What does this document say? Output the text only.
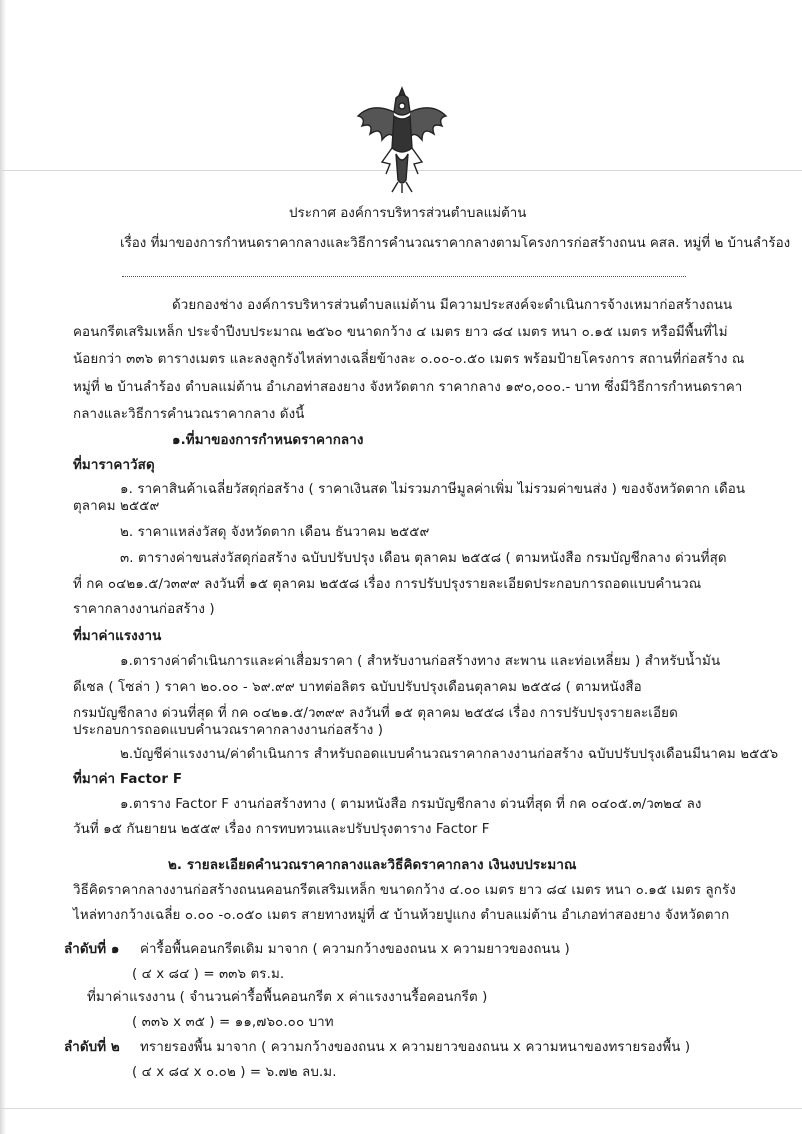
ประกาศ องค์การบริหารส่วนตำบลแม่ต้าน
เรื่อง ที่มาของการกำหนดราคากลางและวิธีการคำนวณราคากลางตามโครงการก่อสร้างถนน คสล. หมู่ที่ ๒ บ้านลำร้อง
ด้วยกองช่าง องค์การบริหารส่วนตำบลแม่ต้าน มีความประสงค์จะดำเนินการจ้างเหมาก่อสร้างถนน
คอนกรีตเสริมเหล็ก ประจำปีงบประมาณ ๒๕๖๐ ขนาดกว้าง ๔ เมตร ยาว ๘๔ เมตร หนา ๐.๑๕ เมตร หรือมีพื้นที่ไม่
น้อยกว่า ๓๓๖ ตารางเมตร และลงลูกรังไหล่ทางเฉลี่ยข้างละ ๐.๐๐-๐.๕๐ เมตร พร้อมป้ายโครงการ สถานที่ก่อสร้าง ณ
หมู่ที่ ๒ บ้านลำร้อง ตำบลแม่ต้าน อำเภอท่าสองยาง จังหวัดตาก ราคากลาง ๑๙๐,๐๐๐.- บาท ซึ่งมีวิธีการกำหนดราคา
กลางและวิธีการคำนวณราคากลาง ดังนี้
๑.ที่มาของการกำหนดราคากลาง
ที่มาราคาวัสดุ
๑. ราคาสินค้าเฉลี่ยวัสดุก่อสร้าง ( ราคาเงินสด ไม่รวมภาษีมูลค่าเพิ่ม ไม่รวมค่าขนส่ง ) ของจังหวัดตาก เดือน
ตุลาคม ๒๕๕๙
๒. ราคาแหล่งวัสดุ จังหวัดตาก เดือน ธันวาคม ๒๕๕๙
๓. ตารางค่าขนส่งวัสดุก่อสร้าง ฉบับปรับปรุง เดือน ตุลาคม ๒๕๕๘ ( ตามหนังสือ กรมบัญชีกลาง ด่วนที่สุด
ที่ กค ๐๔๒๑.๕/ว๓๙๙ ลงวันที่ ๑๕ ตุลาคม ๒๕๕๘ เรื่อง การปรับปรุงรายละเอียดประกอบการถอดแบบคำนวณ
ราคากลางงานก่อสร้าง )
ที่มาค่าแรงงาน
๑.ตารางค่าดำเนินการและค่าเสื่อมราคา ( สำหรับงานก่อสร้างทาง สะพาน และท่อเหลี่ยม ) สำหรับน้ำมัน
ดีเซล ( โซล่า ) ราคา ๒๐.๐๐ - ๖๙.๙๙ บาทต่อลิตร ฉบับปรับปรุงเดือนตุลาคม ๒๕๕๘ ( ตามหนังสือ
กรมบัญชีกลาง ด่วนที่สุด ที่ กค ๐๔๒๑.๕/ว๓๙๙ ลงวันที่ ๑๕ ตุลาคม ๒๕๕๘ เรื่อง การปรับปรุงรายละเอียด
ประกอบการถอดแบบคำนวณราคากลางงานก่อสร้าง )
๒.บัญชีค่าแรงงาน/ค่าดำเนินการ สำหรับถอดแบบคำนวณราคากลางงานก่อสร้าง ฉบับปรับปรุงเดือนมีนาคม ๒๕๕๖
ที่มาค่า Factor F
๑.ตาราง Factor F งานก่อสร้างทาง ( ตามหนังสือ กรมบัญชีกลาง ด่วนที่สุด ที่ กค ๐๔๐๕.๓/ว๓๒๔ ลง
วันที่ ๑๕ กันยายน ๒๕๕๙ เรื่อง การทบทวนและปรับปรุงตาราง Factor F
๒. รายละเอียดคำนวณราคากลางและวิธีคิดราคากลาง เงินงบประมาณ
วิธีคิดราคากลางงานก่อสร้างถนนคอนกรีตเสริมเหล็ก ขนาดกว้าง ๔.๐๐ เมตร ยาว ๘๔ เมตร หนา ๐.๑๕ เมตร ลูกรัง
ไหล่ทางกว้างเฉลี่ย ๐.๐๐ -๐.๐๕๐ เมตร สายทางหมู่ที่ ๕ บ้านห้วยปูแกง ตำบลแม่ต้าน อำเภอท่าสองยาง จังหวัดตาก
ลำดับที่ ๑ ค่ารื้อพื้นคอนกรีตเดิม มาจาก ( ความกว้างของถนน x ความยาวของถนน )
( ๔ x ๘๔ ) = ๓๓๖ ตร.ม.
ที่มาค่าแรงงาน ( จำนวนค่ารื้อพื้นคอนกรีต x ค่าแรงงานรื้อคอนกรีต )
( ๓๓๖ x ๓๕ ) = ๑๑,๗๖๐.๐๐ บาท
ลำดับที่ ๒ ทรายรองพื้น มาจาก ( ความกว้างของถนน x ความยาวของถนน x ความหนาของทรายรองพื้น )
( ๔ x ๘๔ x ๐.๐๒ ) = ๖.๗๒ ลบ.ม.
